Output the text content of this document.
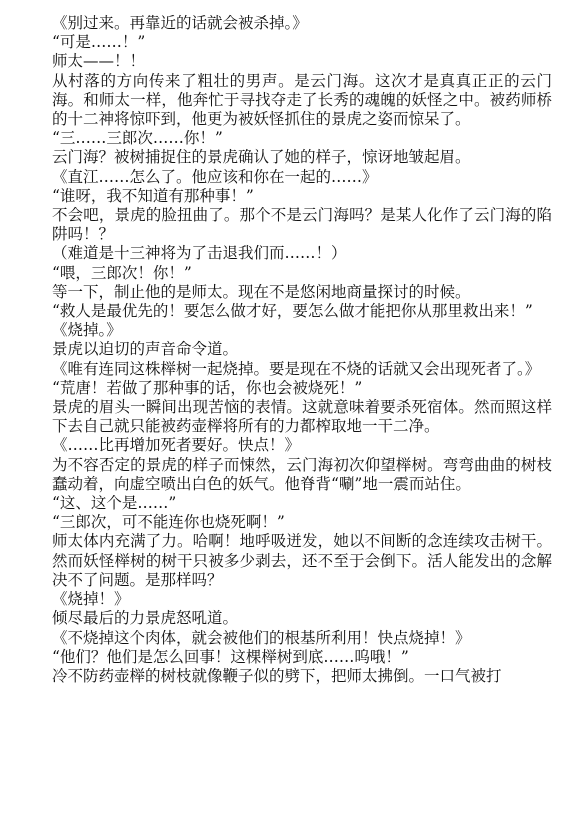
《别过来。再靠近的话就会被杀掉。》

“可是……！”

师太——！！

从村落的方向传来了粗壮的男声。是云门海。这次才是真真正正的云门海。和师太一样，他奔忙于寻找夺走了长秀的魂魄的妖怪之中。被药师桥的十二神将惊吓到，他更为被妖怪抓住的景虎之姿而惊呆了。

“三……三郎次……你！”

云门海？被树捕捉住的景虎确认了她的样子，惊讶地皱起眉。

《直江……怎么了。他应该和你在一起的……》

“谁呀，我不知道有那种事！”

不会吧，景虎的脸扭曲了。那个不是云门海吗？是某人化作了云门海的陷阱吗！？

（难道是十三神将为了击退我们而……！）

“喂，三郎次！你！”

等一下，制止他的是师太。现在不是悠闲地商量探讨的时候。

“救人是最优先的！要怎么做才好，要怎么做才能把你从那里救出来！”

《烧掉。》

景虎以迫切的声音命令道。

《唯有连同这株榉树一起烧掉。要是现在不烧的话就又会出现死者了。》

“荒唐！若做了那种事的话，你也会被烧死！”

景虎的眉头一瞬间出现苦恼的表情。这就意味着要杀死宿体。然而照这样下去自己就只能被药壶榉将所有的力都榨取地一干二净。

《……比再增加死者要好。快点！》

为不容否定的景虎的样子而悚然，云门海初次仰望榉树。弯弯曲曲的树枝蠢动着，向虚空喷出白色的妖气。他脊背“唰”地一震而站住。

“这、这个是……”

“三郎次，可不能连你也烧死啊！”

师太体内充满了力。哈啊！地呼吸迸发，她以不间断的念连续攻击树干。然而妖怪榉树的树干只被多少剥去，还不至于会倒下。活人能发出的念解决不了问题。是那样吗？

《烧掉！》

倾尽最后的力景虎怒吼道。

《不烧掉这个肉体，就会被他们的根基所利用！快点烧掉！》

“他们？他们是怎么回事！这棵榉树到底……呜哦！”

冷不防药壶榉的树枝就像鞭子似的劈下，把师太拂倒。一口气被打
